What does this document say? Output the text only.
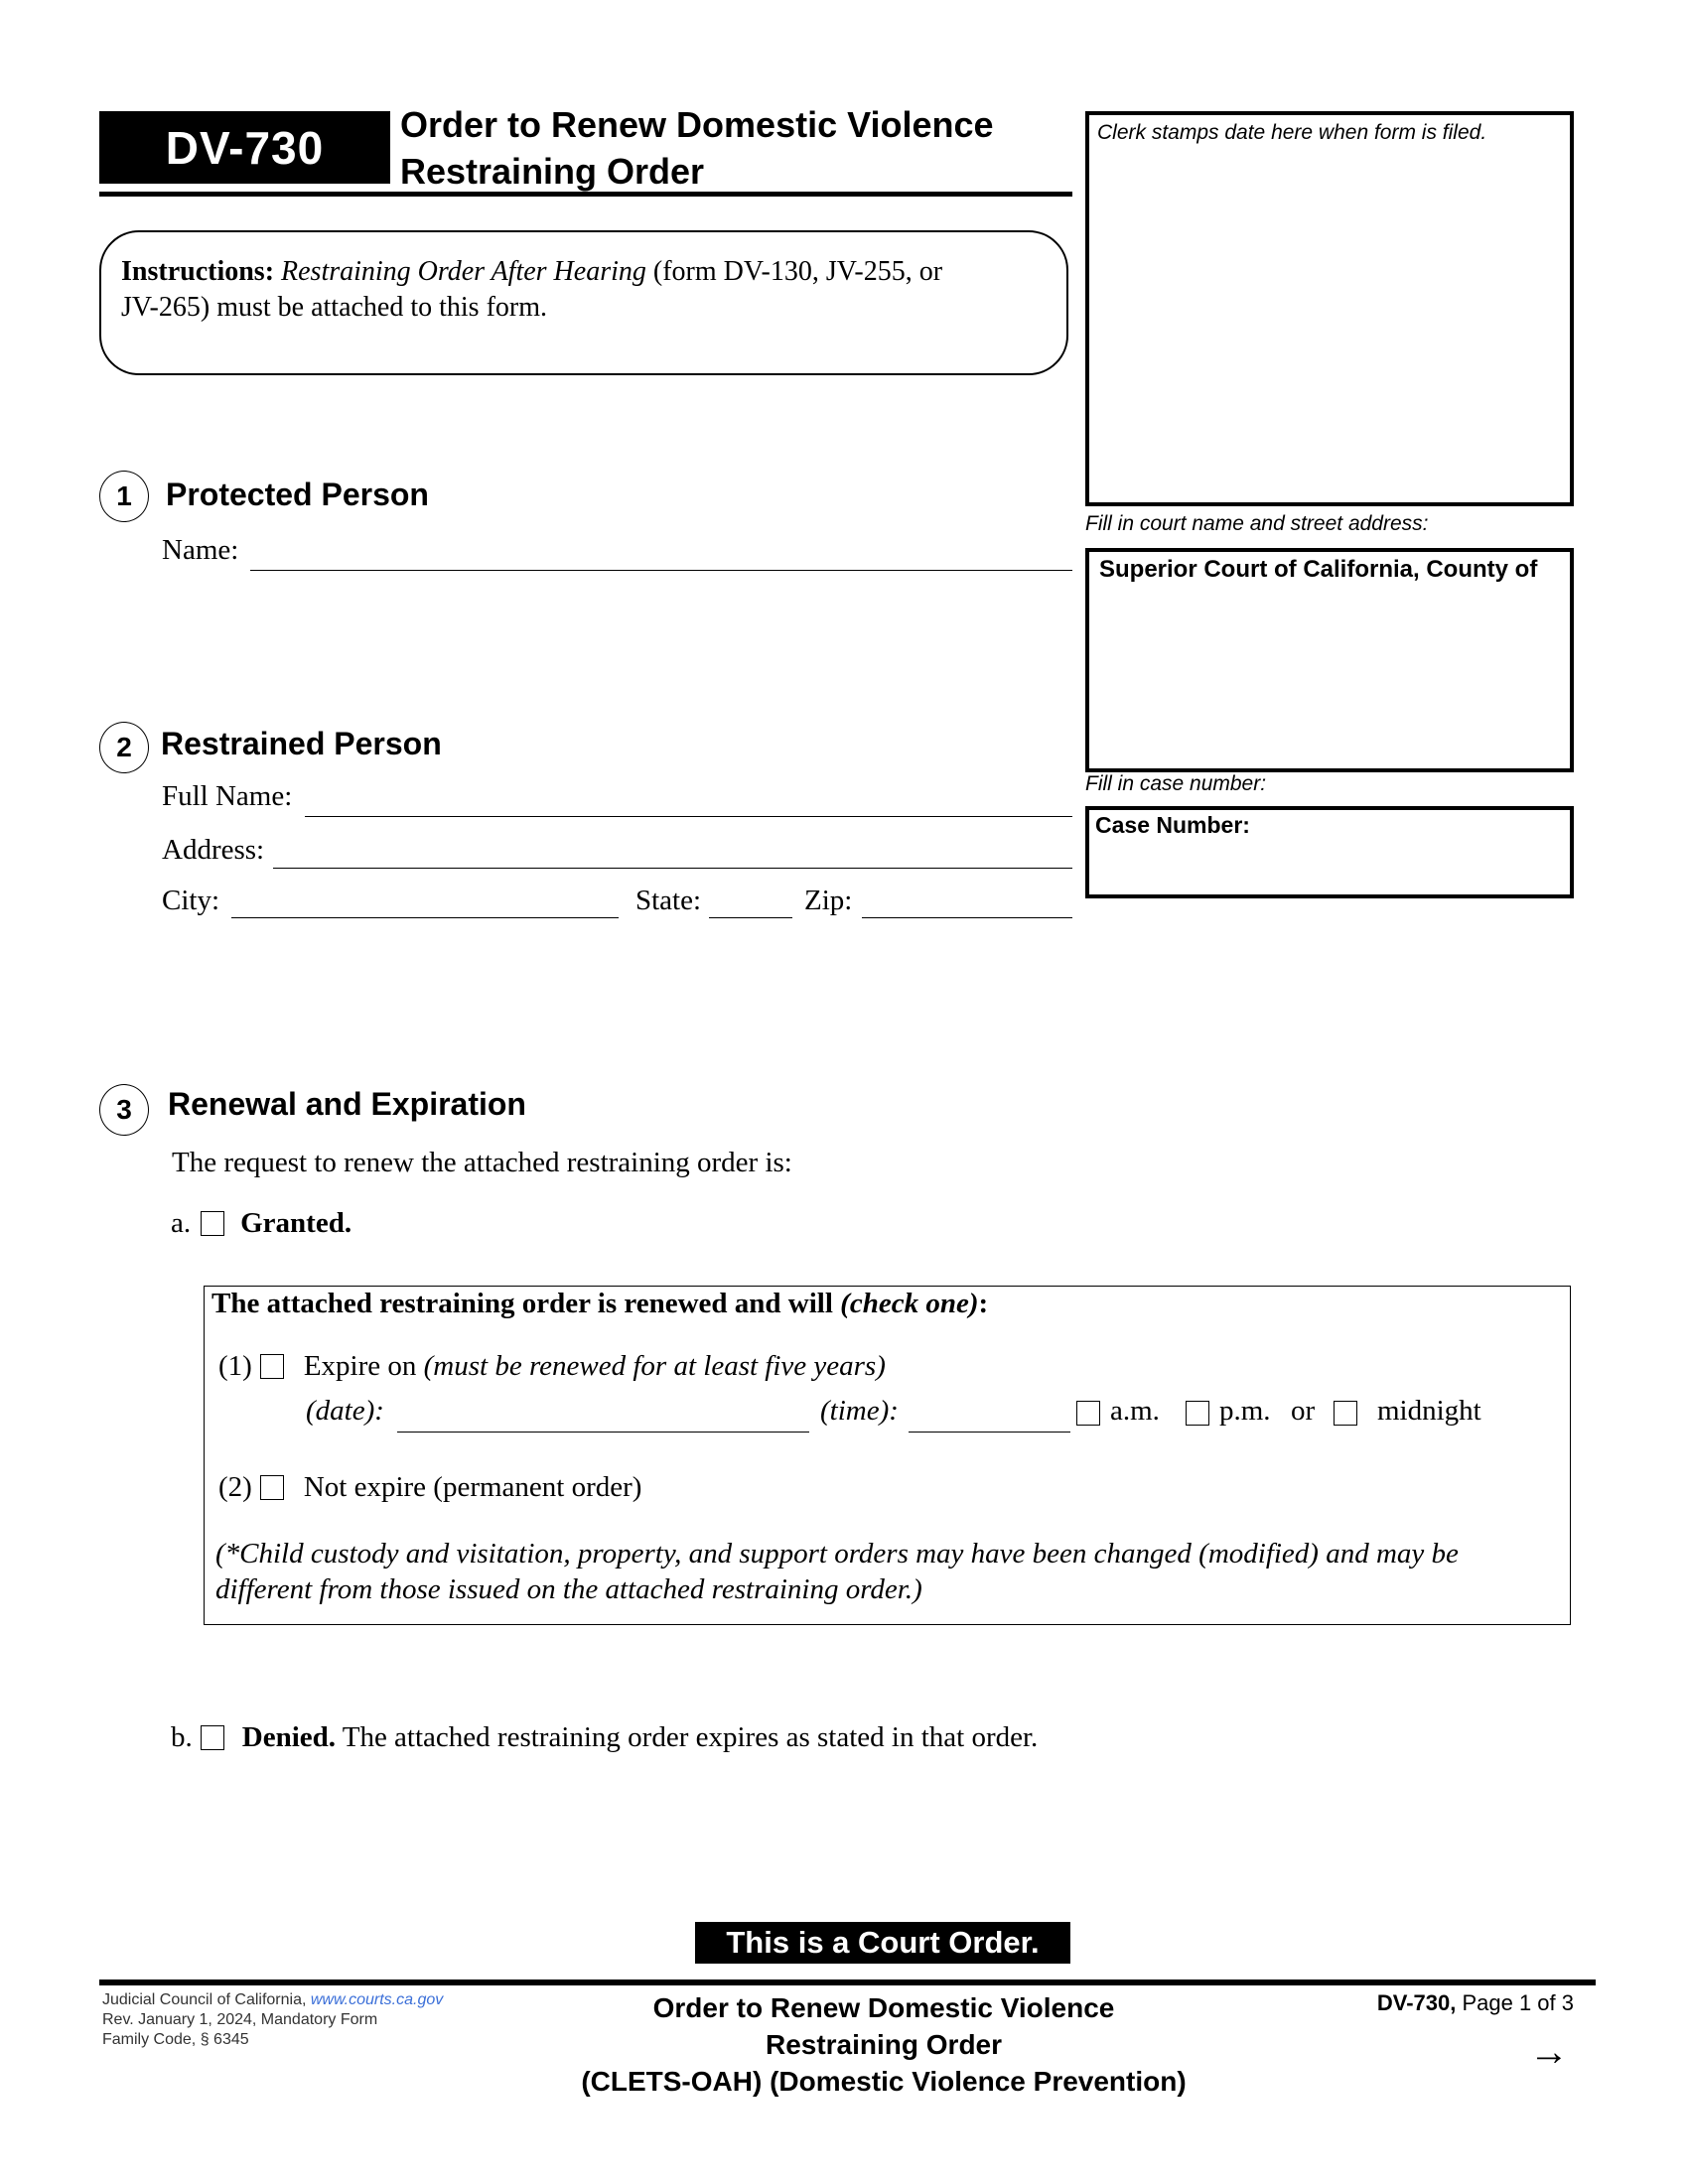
DV-730 Order to Renew Domestic Violence
Restraining Order
Instructions: Restraining Order After Hearing (form DV-130, JV-255, or
JV-265) must be attached to this form.
Clerk stamps date here when form is filed.
Fill in court name and street address:
Superior Court of California, County of
Fill in case number:
Case Number:
1 Protected Person
Name:
2 Restrained Person
Full Name:
Address:
City:	State:	Zip:
3 Renewal and Expiration
The request to renew the attached restraining order is:
a. Granted.
The attached restraining order is renewed and will (check one):
(1) Expire on (must be renewed for at least five years)
(date):	(time):	a.m. p.m. or midnight
(2) Not expire (permanent order)
(*Child custody and visitation, property, and support orders may have been changed (modified) and may be
different from those issued on the attached restraining order.)
b. Denied. The attached restraining order expires as stated in that order.
This is a Court Order.
Judicial Council of California, www.courts.ca.gov
Rev. January 1, 2024, Mandatory Form
Family Code, § 6345
Order to Renew Domestic Violence
Restraining Order
(CLETS-OAH) (Domestic Violence Prevention)
DV-730, Page 1 of 3
→
